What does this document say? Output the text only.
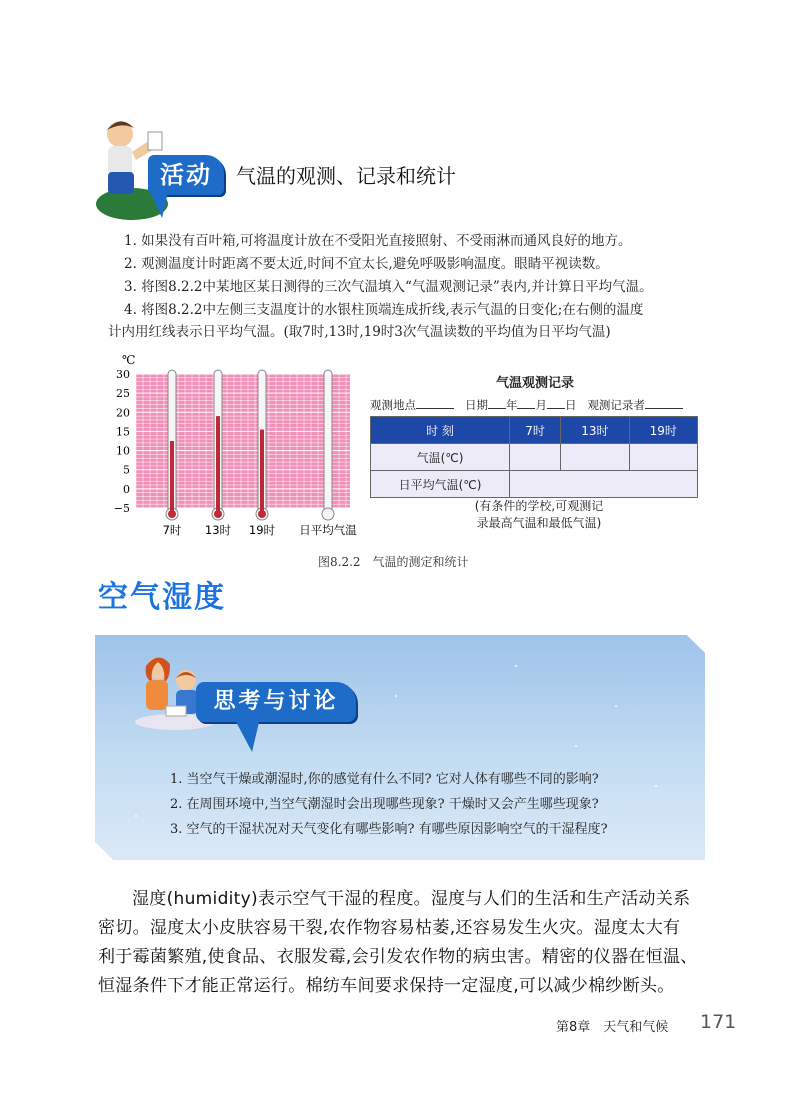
活动	气温的观测、记录和统计
1. 如果没有百叶箱,可将温度计放在不受阳光直接照射、不受雨淋而通风良好的地方。
2. 观测温度计时距离不要太近,时间不宜太长,避免呼吸影响温度。眼睛平视读数。
3. 将图8.2.2中某地区某日测得的三次气温填入“气温观测记录”表内,并计算日平均气温。
4. 将图8.2.2中左侧三支温度计的水银柱顶端连成折线,表示气温的日变化;在右侧的温度
计内用红线表示日平均气温。(取7时,13时,19时3次气温读数的平均值为日平均气温)
℃
30
25
20
15
10
5
0
−5
7时 13时 19时 日平均气温
图8.2.2　气温的测定和统计
气温观测记录
观测地点	日期 年 月 日 观测记录者
时 刻	7时	13时	19时
气温(℃)			
日平均气温(℃)			
(有条件的学校,可观测记
录最高气温和最低气温)
空气湿度
思考与讨论
1. 当空气干燥或潮湿时,你的感觉有什么不同? 它对人体有哪些不同的影响?
2. 在周围环境中,当空气潮湿时会出现哪些现象? 干燥时又会产生哪些现象?
3. 空气的干湿状况对天气变化有哪些影响? 有哪些原因影响空气的干湿程度?
湿度(humidity)表示空气干湿的程度。湿度与人们的生活和生产活动关系
密切。湿度太小皮肤容易干裂,农作物容易枯萎,还容易发生火灾。湿度太大有
利于霉菌繁殖,使食品、衣服发霉,会引发农作物的病虫害。精密的仪器在恒温、
恒湿条件下才能正常运行。棉纺车间要求保持一定湿度,可以减少棉纱断头。
第8章　天气和气候 171
